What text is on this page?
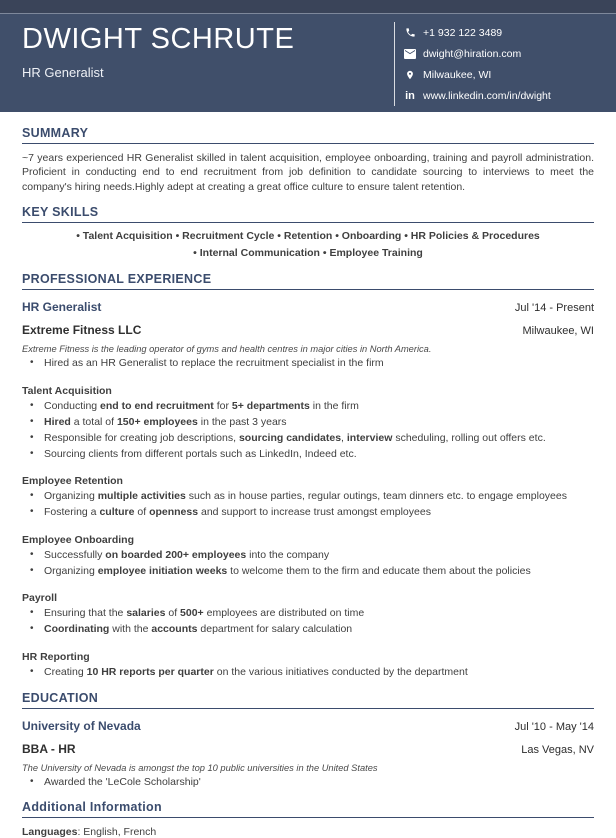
DWIGHT SCHRUTE
HR Generalist
+1 932 122 3489
dwight@hiration.com
Milwaukee, WI
in www.linkedin.com/in/dwight
SUMMARY

~7 years experienced HR Generalist skilled in talent acquisition, employee onboarding, training and payroll administration. Proficient in conducting end to end recruitment from job definition to candidate sourcing to interviews to meet the company's hiring needs.Highly adept at creating a great office culture to ensure talent retention.

KEY SKILLS
• Talent Acquisition • Recruitment Cycle • Retention • Onboarding • HR Policies & Procedures
• Internal Communication • Employee Training
PROFESSIONAL EXPERIENCE
HR Generalist	Jul '14 - Present
Extreme Fitness LLC	Milwaukee, WI
Extreme Fitness is the leading operator of gyms and health centres in major cities in North America.
• Hired as an HR Generalist to replace the recruitment specialist in the firm
Talent Acquisition
• Conducting end to end recruitment for 5+ departments in the firm
• Hired a total of 150+ employees in the past 3 years
• Responsible for creating job descriptions, sourcing candidates, interview scheduling, rolling out offers etc.
• Sourcing clients from different portals such as LinkedIn, Indeed etc.
Employee Retention
• Organizing multiple activities such as in house parties, regular outings, team dinners etc. to engage employees
• Fostering a culture of openness and support to increase trust amongst employees
Employee Onboarding
• Successfully on boarded 200+ employees into the company
• Organizing employee initiation weeks to welcome them to the firm and educate them about the policies
Payroll
• Ensuring that the salaries of 500+ employees are distributed on time
• Coordinating with the accounts department for salary calculation
HR Reporting
• Creating 10 HR reports per quarter on the various initiatives conducted by the department
EDUCATION
University of Nevada	Jul '10 - May '14
BBA - HR	Las Vegas, NV
The University of Nevada is amongst the top 10 public universities in the United States
• Awarded the 'LeCole Scholarship'
Additional Information
Languages: English, French
